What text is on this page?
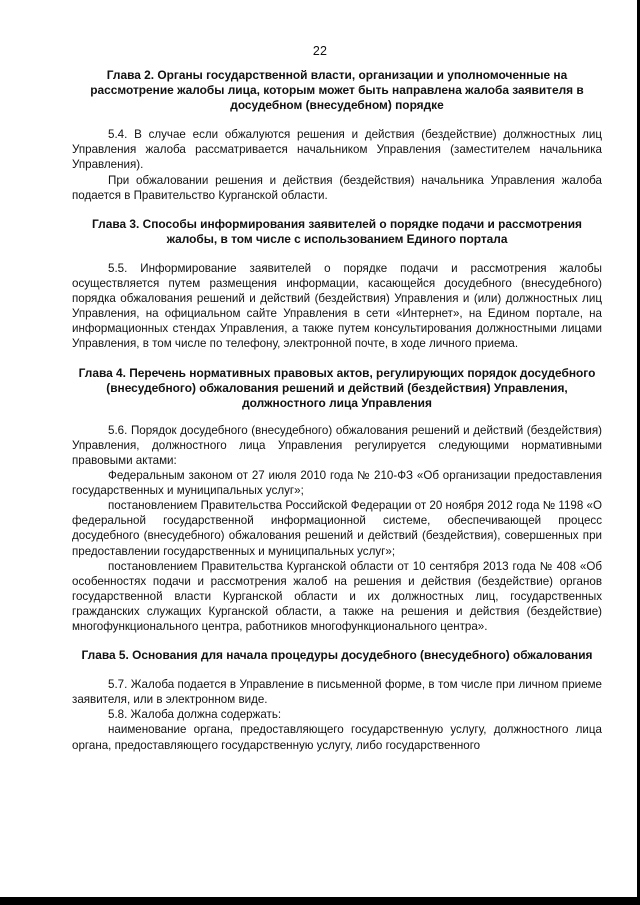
22
Глава 2. Органы государственной власти, организации и уполномоченные на рассмотрение жалобы лица, которым может быть направлена жалоба заявителя в досудебном (внесудебном) порядке

5.4. В случае если обжалуются решения и действия (бездействие) должностных лиц Управления жалоба рассматривается начальником Управления (заместителем начальника Управления).

При обжаловании решения и действия (бездействия) начальника Управления жалоба подается в Правительство Курганской области.

Глава 3. Способы информирования заявителей о порядке подачи и рассмотрения жалобы, в том числе с использованием Единого портала

5.5. Информирование заявителей о порядке подачи и рассмотрения жалобы осуществляется путем размещения информации, касающейся досудебного (внесудебного) порядка обжалования решений и действий (бездействия) Управления и (или) должностных лиц Управления, на официальном сайте Управления в сети «Интернет», на Едином портале, на информационных стендах Управления, а также путем консультирования должностными лицами Управления, в том числе по телефону, электронной почте, в ходе личного приема.

Глава 4. Перечень нормативных правовых актов, регулирующих порядок досудебного (внесудебного) обжалования решений и действий (бездействия) Управления, должностного лица Управления

5.6. Порядок досудебного (внесудебного) обжалования решений и действий (бездействия) Управления, должностного лица Управления регулируется следующими нормативными правовыми актами:

Федеральным законом от 27 июля 2010 года № 210-ФЗ «Об организации предоставления государственных и муниципальных услуг»;

постановлением Правительства Российской Федерации от 20 ноября 2012 года № 1198 «О федеральной государственной информационной системе, обеспечивающей процесс досудебного (внесудебного) обжалования решений и действий (бездействия), совершенных при предоставлении государственных и муниципальных услуг»;

постановлением Правительства Курганской области от 10 сентября 2013 года № 408 «Об особенностях подачи и рассмотрения жалоб на решения и действия (бездействие) органов государственной власти Курганской области и их должностных лиц, государственных гражданских служащих Курганской области, а также на решения и действия (бездействие) многофункционального центра, работников многофункционального центра».

Глава 5. Основания для начала процедуры досудебного (внесудебного) обжалования

5.7. Жалоба подается в Управление в письменной форме, в том числе при личном приеме заявителя, или в электронном виде.

5.8. Жалоба должна содержать:

наименование органа, предоставляющего государственную услугу, должностного лица органа, предоставляющего государственную услугу, либо государственного
